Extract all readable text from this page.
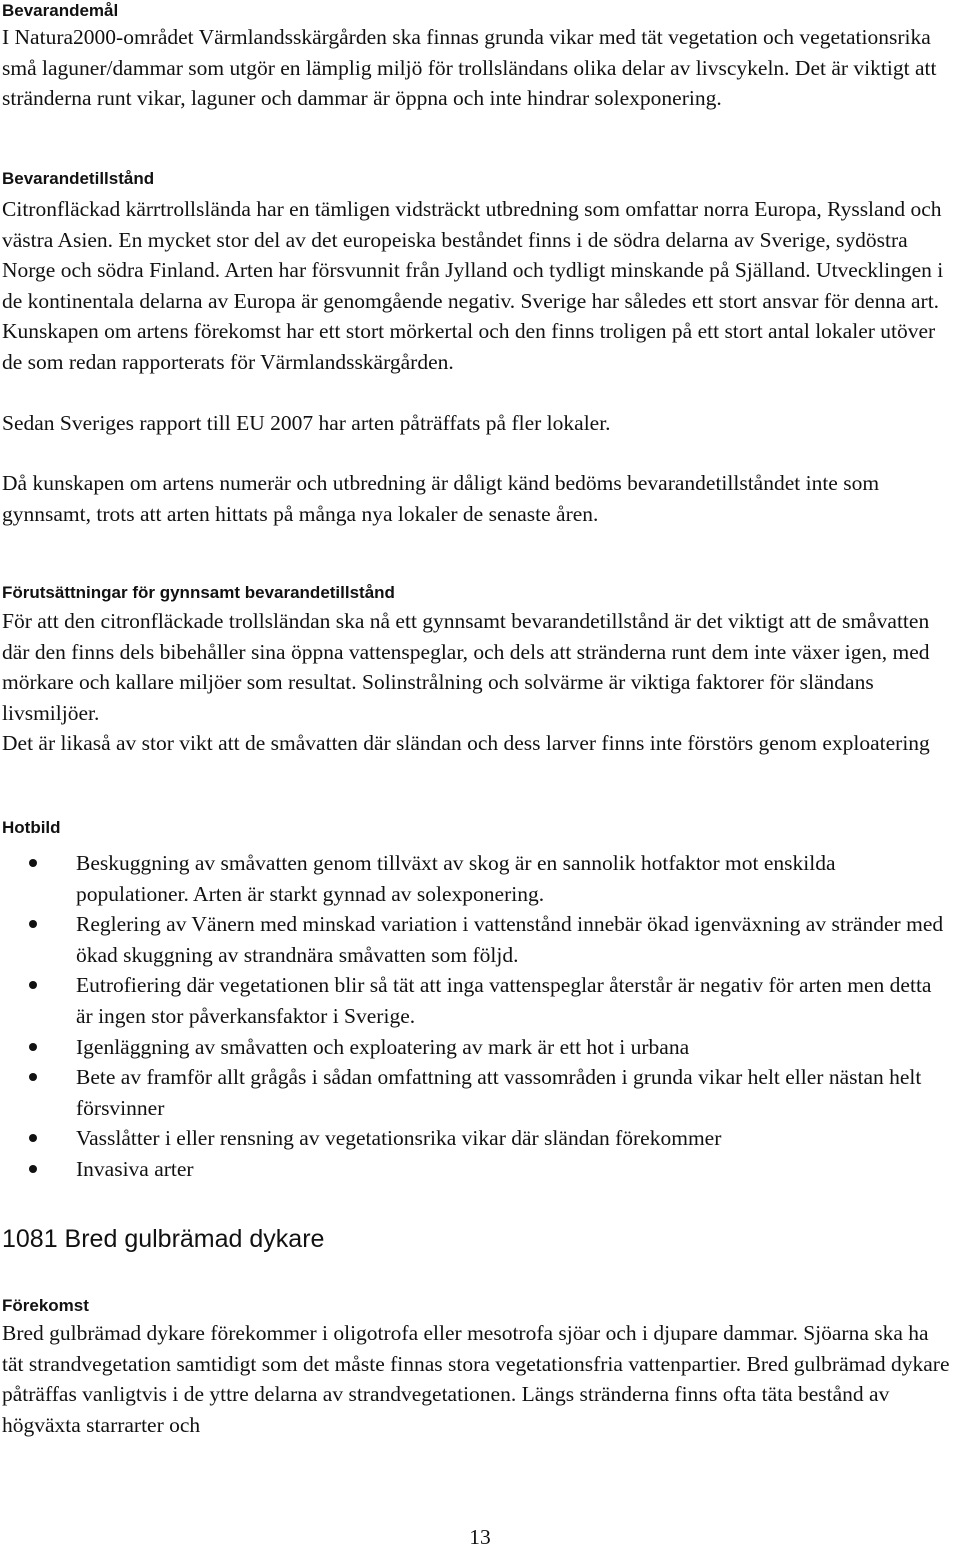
Bevarandemål

I Natura2000-området Värmlandsskärgården ska finnas grunda vikar med tät vegetation och vegetationsrika små laguner/dammar som utgör en lämplig miljö för trollsländans olika delar av livscykeln. Det är viktigt att stränderna runt vikar, laguner och dammar är öppna och inte hindrar solexponering.

Bevarandetillstånd

Citronfläckad kärrtrollslända har en tämligen vidsträckt utbredning som omfattar norra Europa, Ryssland och västra Asien. En mycket stor del av det europeiska beståndet finns i de södra delarna av Sverige, sydöstra Norge och södra Finland. Arten har försvunnit från Jylland och tydligt minskande på Själland. Utvecklingen i de kontinentala delarna av Europa är genomgående negativ. Sverige har således ett stort ansvar för denna art.

Kunskapen om artens förekomst har ett stort mörkertal och den finns troligen på ett stort antal lokaler utöver de som redan rapporterats för Värmlandsskärgården.

Sedan Sveriges rapport till EU 2007 har arten påträffats på fler lokaler.

Då kunskapen om artens numerär och utbredning är dåligt känd bedöms bevarandetillståndet inte som gynnsamt, trots att arten hittats på många nya lokaler de senaste åren.

Förutsättningar för gynnsamt bevarandetillstånd

För att den citronfläckade trollsländan ska nå ett gynnsamt bevarandetillstånd är det viktigt att de småvatten där den finns dels bibehåller sina öppna vattenspeglar, och dels att stränderna runt dem inte växer igen, med mörkare och kallare miljöer som resultat. Solinstrålning och solvärme är viktiga faktorer för sländans livsmiljöer.

Det är likaså av stor vikt att de småvatten där sländan och dess larver finns inte förstörs genom exploatering

Hotbild
Beskuggning av småvatten genom tillväxt av skog är en sannolik hotfaktor mot enskilda populationer. Arten är starkt gynnad av solexponering.
Reglering av Vänern med minskad variation i vattenstånd innebär ökad igenväxning av stränder med ökad skuggning av strandnära småvatten som följd.
Eutrofiering där vegetationen blir så tät att inga vattenspeglar återstår är negativ för arten men detta är ingen stor påverkansfaktor i Sverige.
Igenläggning av småvatten och exploatering av mark är ett hot i urbana
Bete av framför allt grågås i sådan omfattning att vassområden i grunda vikar helt eller nästan helt försvinner
Vasslåtter i eller rensning av vegetationsrika vikar där sländan förekommer
Invasiva arter
1081 Bred gulbrämad dykare
Förekomst

Bred gulbrämad dykare förekommer i oligotrofa eller mesotrofa sjöar och i djupare dammar. Sjöarna ska ha tät strandvegetation samtidigt som det måste finnas stora vegetationsfria vattenpartier. Bred gulbrämad dykare påträffas vanligtvis i de yttre delarna av strandvegetationen. Längs stränderna finns ofta täta bestånd av högväxta starrarter och

13
